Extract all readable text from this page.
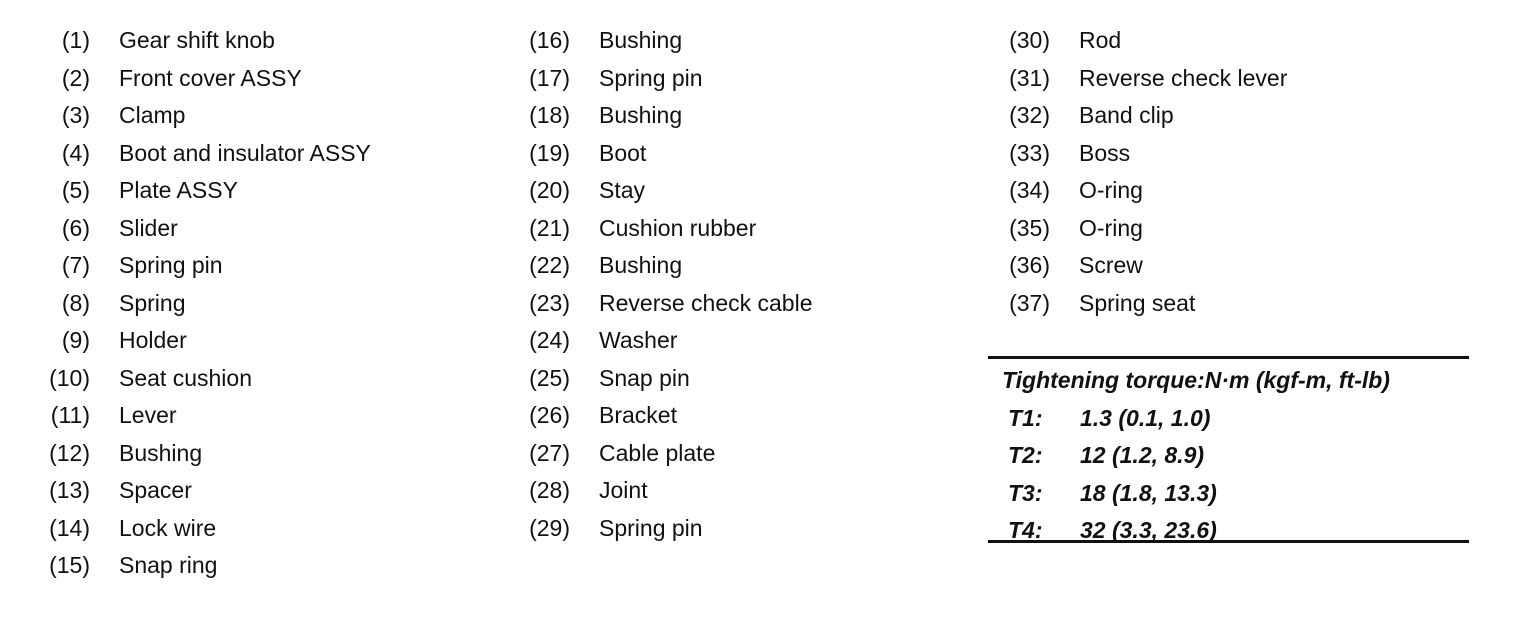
(1) Gear shift knob
(2) Front cover ASSY
(3) Clamp
(4) Boot and insulator ASSY
(5) Plate ASSY
(6) Slider
(7) Spring pin
(8) Spring
(9) Holder
(10) Seat cushion
(11) Lever
(12) Bushing
(13) Spacer
(14) Lock wire
(15) Snap ring
(16) Bushing
(17) Spring pin
(18) Bushing
(19) Boot
(20) Stay
(21) Cushion rubber
(22) Bushing
(23) Reverse check cable
(24) Washer
(25) Snap pin
(26) Bracket
(27) Cable plate
(28) Joint
(29) Spring pin
(30) Rod
(31) Reverse check lever
(32) Band clip
(33) Boss
(34) O-ring
(35) O-ring
(36) Screw
(37) Spring seat
Tightening torque:N·m (kgf-m, ft-lb)
T1: 1.3 (0.1, 1.0)
T2: 12 (1.2, 8.9)
T3: 18 (1.8, 13.3)
T4: 32 (3.3, 23.6)
